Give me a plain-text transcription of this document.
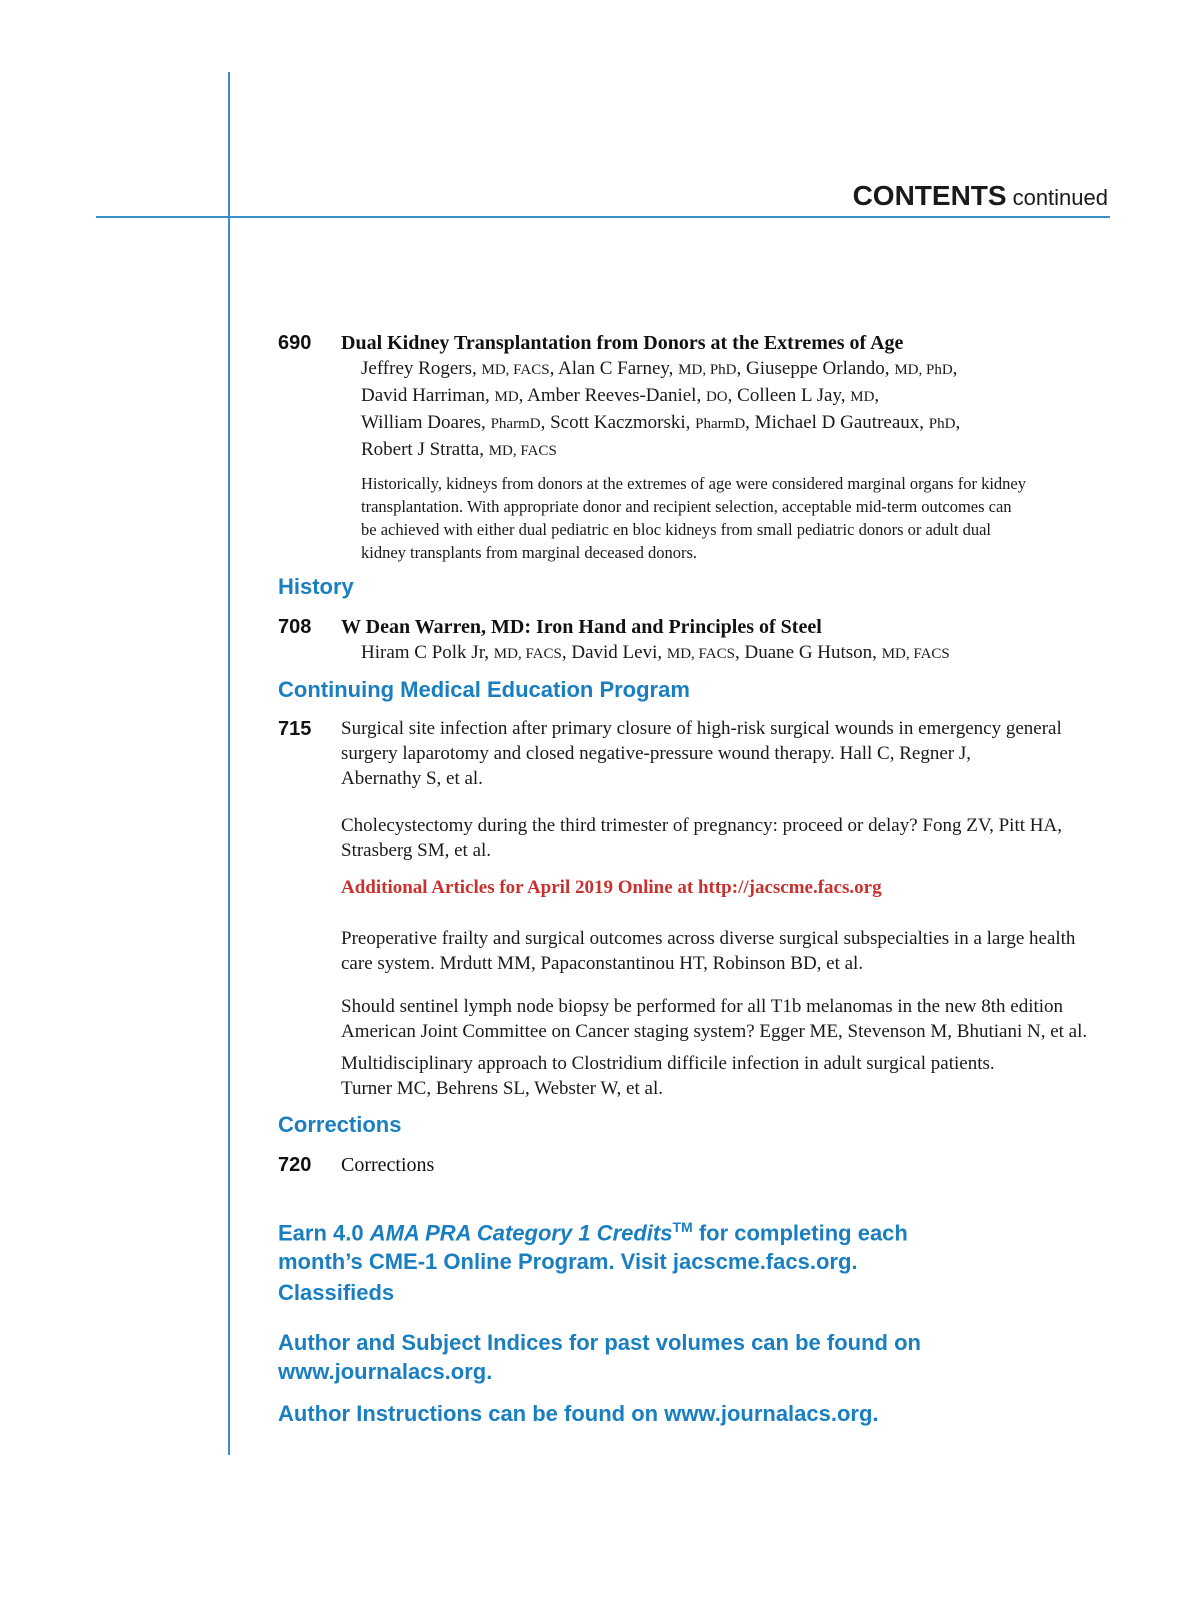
CONTENTS continued
690 Dual Kidney Transplantation from Donors at the Extremes of Age
Jeffrey Rogers, MD, FACS, Alan C Farney, MD, PhD, Giuseppe Orlando, MD, PhD,
David Harriman, MD, Amber Reeves-Daniel, DO, Colleen L Jay, MD,
William Doares, PharmD, Scott Kaczmorski, PharmD, Michael D Gautreaux, PhD,
Robert J Stratta, MD, FACS
Historically, kidneys from donors at the extremes of age were considered marginal organs for kidney
transplantation. With appropriate donor and recipient selection, acceptable mid-term outcomes can
be achieved with either dual pediatric en bloc kidneys from small pediatric donors or adult dual
kidney transplants from marginal deceased donors.
History
708 W Dean Warren, MD: Iron Hand and Principles of Steel
Hiram C Polk Jr, MD, FACS, David Levi, MD, FACS, Duane G Hutson, MD, FACS
Continuing Medical Education Program
715 Surgical site infection after primary closure of high-risk surgical wounds in emergency general
surgery laparotomy and closed negative-pressure wound therapy. Hall C, Regner J,
Abernathy S, et al.
Cholecystectomy during the third trimester of pregnancy: proceed or delay? Fong ZV, Pitt HA,
Strasberg SM, et al.
Additional Articles for April 2019 Online at http://jacscme.facs.org
Preoperative frailty and surgical outcomes across diverse surgical subspecialties in a large health
care system. Mrdutt MM, Papaconstantinou HT, Robinson BD, et al.
Should sentinel lymph node biopsy be performed for all T1b melanomas in the new 8th edition
American Joint Committee on Cancer staging system? Egger ME, Stevenson M, Bhutiani N, et al.
Multidisciplinary approach to Clostridium difficile infection in adult surgical patients.
Turner MC, Behrens SL, Webster W, et al.
Corrections
720 Corrections
Earn 4.0 AMA PRA Category 1 Credits™ for completing each
month’s CME-1 Online Program. Visit jacscme.facs.org.
Classifieds
Author and Subject Indices for past volumes can be found on
www.journalacs.org.
Author Instructions can be found on www.journalacs.org.
